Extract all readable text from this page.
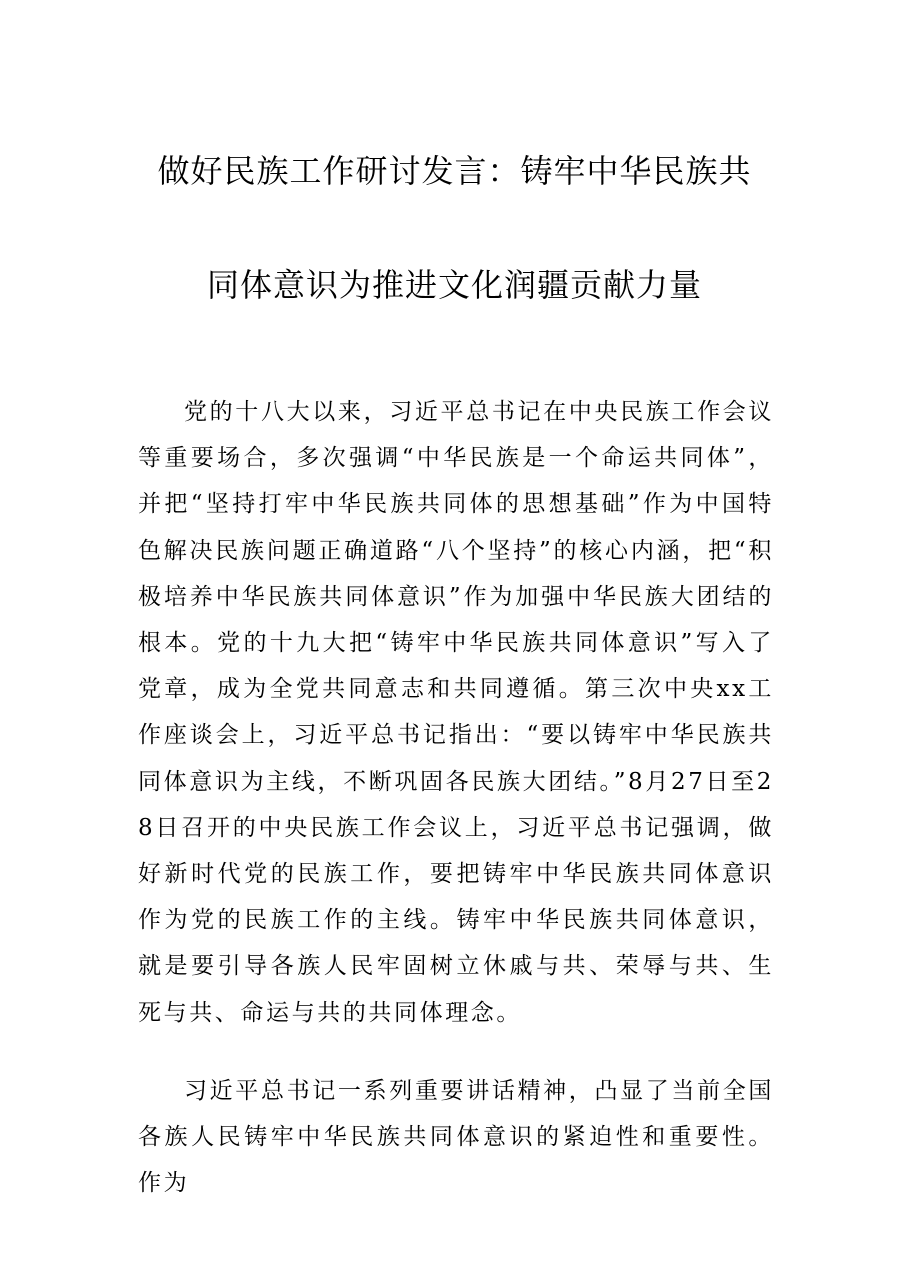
做好民族工作研讨发言：铸牢中华民族共
同体意识为推进文化润疆贡献力量

党的十八大以来，习近平总书记在中央民族工作会议等重要场合，多次强调“中华民族是一个命运共同体”，并把“坚持打牢中华民族共同体的思想基础”作为中国特色解决民族问题正确道路“八个坚持”的核心内涵，把“积极培养中华民族共同体意识”作为加强中华民族大团结的根本。党的十九大把“铸牢中华民族共同体意识”写入了党章，成为全党共同意志和共同遵循。第三次中央xx工作座谈会上，习近平总书记指出：“要以铸牢中华民族共同体意识为主线，不断巩固各民族大团结。”8月27日至28日召开的中央民族工作会议上，习近平总书记强调，做好新时代党的民族工作，要把铸牢中华民族共同体意识作为党的民族工作的主线。铸牢中华民族共同体意识，就是要引导各族人民牢固树立休戚与共、荣辱与共、生死与共、命运与共的共同体理念。

习近平总书记一系列重要讲话精神，凸显了当前全国各族人民铸牢中华民族共同体意识的紧迫性和重要性。作为
